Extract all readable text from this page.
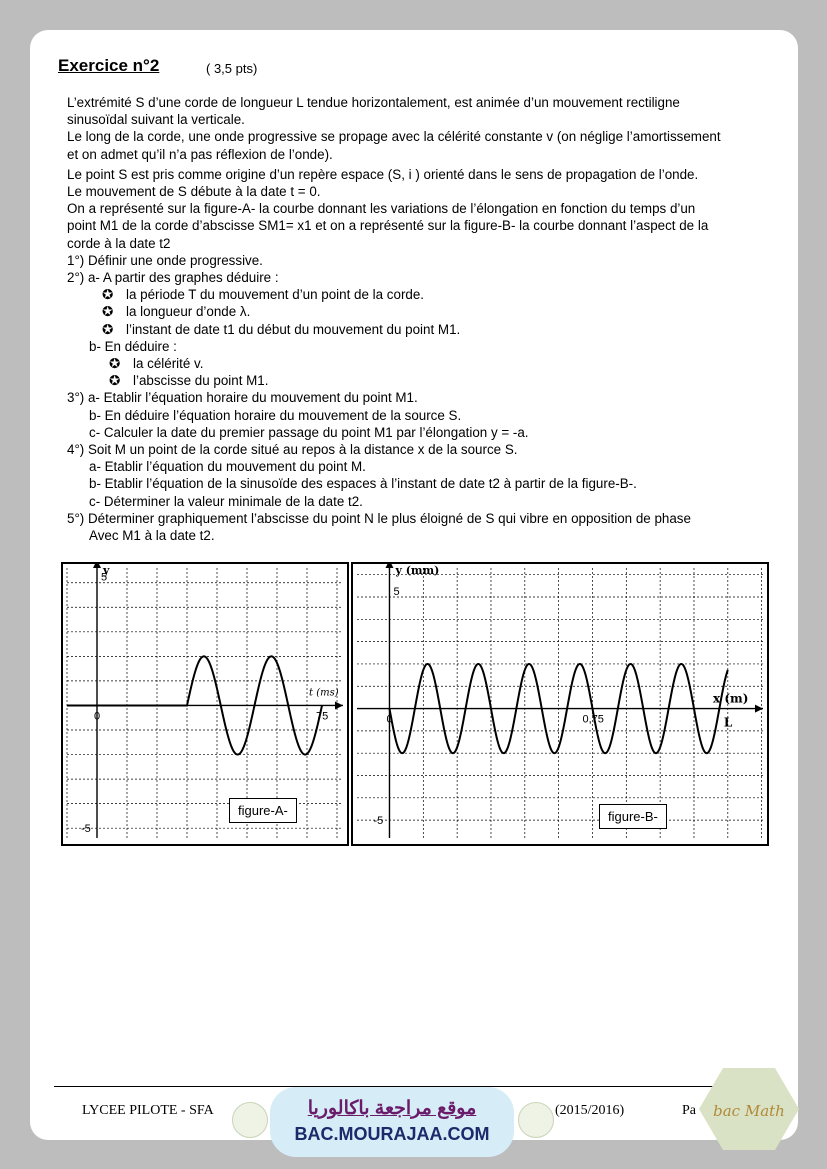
Exercice n°2	( 3,5 pts)

L’extrémité S d’une corde de longueur L tendue horizontalement, est animée d’un mouvement rectiligne

sinusoïdal suivant la verticale.

Le long de la corde, une onde progressive se propage avec la célérité constante v (on néglige l’amortissement

et on admet qu’il n’a pas réflexion de l’onde).

Le point S est pris comme origine d’un repère espace (S, i ) orienté dans le sens de propagation de l’onde.

Le mouvement de S débute à la date t = 0.

On a représenté sur la figure-A- la courbe donnant les variations de l’élongation en fonction du temps d’un

point M1 de la corde d’abscisse SM1= x1 et on a représenté sur la figure-B- la courbe donnant l’aspect de la

corde à la date t2

1°) Définir une onde progressive.

2°) a- A partir des graphes déduire :

✪ la période T du mouvement d’un point de la corde.

✪ la longueur d’onde λ.

✪ l’instant de date t1 du début du mouvement du point M1.

b- En déduire :

✪ la célérité v.

✪ l’abscisse du point M1.

3°) a- Etablir l’équation horaire du mouvement du point M1.

b- En déduire l’équation horaire du mouvement de la source S.

c- Calculer la date du premier passage du point M1 par l’élongation y = -a.

4°) Soit M un point de la corde situé au repos à la distance x de la source S.

a- Etablir l’équation du mouvement du point M.

b- Etablir l’équation de la sinusoïde des espaces à l’instant de date t2 à partir de la figure-B-.

c- Déterminer la valeur minimale de la date t2.

5°) Déterminer graphiquement l’abscisse du point N le plus éloigné de S qui vibre en opposition de phase

Avec M1 à la date t2.

y
5
-5
0
t (ms)
75
figure-A-
y (mm)
5
-5
0
x (m)
0,75	L
figure-B-
LYCEE PILOTE - SFA	(2015/2016)	Pa
موقع مراجعة باكالوريا
BAC.MOURAJAA.COM
bac Math
